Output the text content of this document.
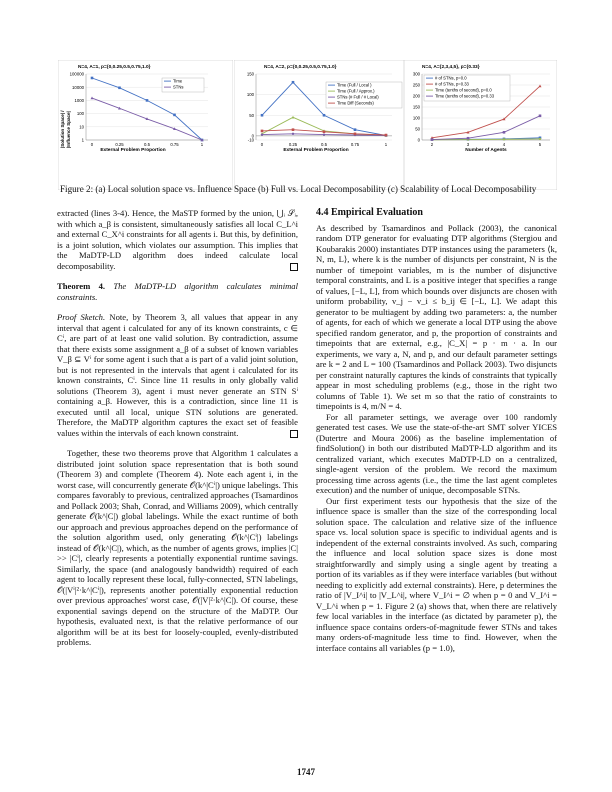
N=4, A=1, p={0,0.25,0.5,0.75,1.0}
|Solution Space| / |Influence Space|
100000
10000
1000
100
10
1
0	0.25	0.5	0.75	1
External Problem Proportion
Time
STNs
N=4, A=2, p={0,0.25,0.5,0.75,1.0}
150
100
50
0
-10
0	0.25	0.5	0.75	1
External Problem Proportion
Time (Full / Local )
Time (Full / Approx.)
STNs (# Full / # Local)
Time Diff (Seconds)
N=4, A={2,3,4,5}, p={0.33}
300
250
200
150
100
50
0
2	3	4	5
Number of Agents
# of STNs, p=0.0
# of STNs, p=0.33
Time (tenths of second), p=0.0
Time (tenths of second), p=0.33
Figure 2: (a) Local solution space vs. Influence Space (b) Full vs. Local Decomposability (c) Scalability of Local Decomposability

extracted (lines 3-4). Hence, the MaSTP formed by the union, ⋃ᵢ 𝒮ᵢ, with which a_β is consistent, simultaneously satisfies all local C_L^i and external C_X^i constraints for all agents i. But this, by definition, is a joint solution, which violates our assumption. This implies that the MaDTP-LD algorithm does indeed calculate local decomposability.

Theorem 4. The MaDTP-LD algorithm calculates minimal constraints.

Proof Sketch. Note, by Theorem 3, all values that appear in any interval that agent i calculated for any of its known constraints, c ∈ Cⁱ, are part of at least one valid solution. By contradiction, assume that there exists some assignment a_β of a subset of known variables V_β ⊆ Vⁱ for some agent i such that a is part of a valid joint solution, but is not represented in the intervals that agent i calculated for its known constraints, Cⁱ. Since line 11 results in only globally valid solutions (Theorem 3), agent i must never generate an STN Sⁱ containing a_β. However, this is a contradiction, since line 11 is executed until all local, unique STN solutions are generated. Therefore, the MaDTP algorithm captures the exact set of feasible values within the intervals of each known constraint.

Together, these two theorems prove that Algorithm 1 calculates a distributed joint solution space representation that is both sound (Theorem 3) and complete (Theorem 4). Note each agent i, in the worst case, will concurrently generate 𝒪(k^|Cⁱ|) unique labelings. This compares favorably to previous, centralized approaches (Tsamardinos and Pollack 2003; Shah, Conrad, and Williams 2009), which centrally generate 𝒪(k^|C|) global labelings. While the exact runtime of both our approach and previous approaches depend on the performance of the solution algorithm used, only generating 𝒪(k^|Cⁱ|) labelings instead of 𝒪(k^|C|), which, as the number of agents grows, implies |C| >> |Cⁱ|, clearly represents a potentially exponential runtime savings. Similarly, the space (and analogously bandwidth) required of each agent to locally represent these local, fully-connected, STN labelings, 𝒪(|Vⁱ|²·k^|Cⁱ|), represents another potentially exponential reduction over previous approaches' worst case, 𝒪(|V|²·k^|C|). Of course, these exponential savings depend on the structure of the MaDTP. Our hypothesis, evaluated next, is that the relative performance of our algorithm will be at its best for loosely-coupled, evenly-distributed problems.

4.4 Empirical Evaluation

As described by Tsamardinos and Pollack (2003), the canonical random DTP generator for evaluating DTP algorithms (Stergiou and Koubarakis 2000) instantiates DTP instances using the parameters ⟨k, N, m, L⟩, where k is the number of disjuncts per constraint, N is the number of timepoint variables, m is the number of disjunctive temporal constraints, and L is a positive integer that specifies a range of values, [−L, L], from which bounds over disjuncts are chosen with uniform probability, v_j − v_i ≤ b_ij ∈ [−L, L]. We adapt this generator to be multiagent by adding two parameters: a, the number of agents, for each of which we generate a local DTP using the above specified random generator, and p, the proportion of constraints and timepoints that are external, e.g., |C_X| = p · m · a. In our experiments, we vary a, N, and p, and our default parameter settings are k = 2 and L = 100 (Tsamardinos and Pollack 2003). Two disjuncts per constraint naturally captures the kinds of constraints that typically appear in most scheduling problems (e.g., those in the right two columns of Table 1). We set m so that the ratio of constraints to timepoints is 4, m/N = 4.

For all parameter settings, we average over 100 randomly generated test cases. We use the state-of-the-art SMT solver YICES (Dutertre and Moura 2006) as the baseline implementation of findSolution() in both our distributed MaDTP-LD algorithm and its centralized variant, which executes MaDTP-LD on a centralized, single-agent version of the problem. We record the maximum processing time across agents (i.e., the time the last agent completes execution) and the number of unique, decomposable STNs.

Our first experiment tests our hypothesis that the size of the influence space is smaller than the size of the corresponding local solution space. The calculation and relative size of the influence space vs. local solution space is specific to individual agents and is independent of the external constraints involved. As such, comparing the influence and local solution space sizes is done most straightforwardly and simply using a single agent by treating a portion of its variables as if they were interface variables (but without needing to explicitly add external constraints). Here, p determines the ratio of |V_I^i| to |V_L^i|, where V_I^i = ∅ when p = 0 and V_I^i = V_L^i when p = 1. Figure 2 (a) shows that, when there are relatively few local variables in the interface (as dictated by parameter p), the influence space contains orders-of-magnitude fewer STNs and takes many orders-of-magnitude less time to find. However, when the interface contains all variables (p = 1.0),

1747
